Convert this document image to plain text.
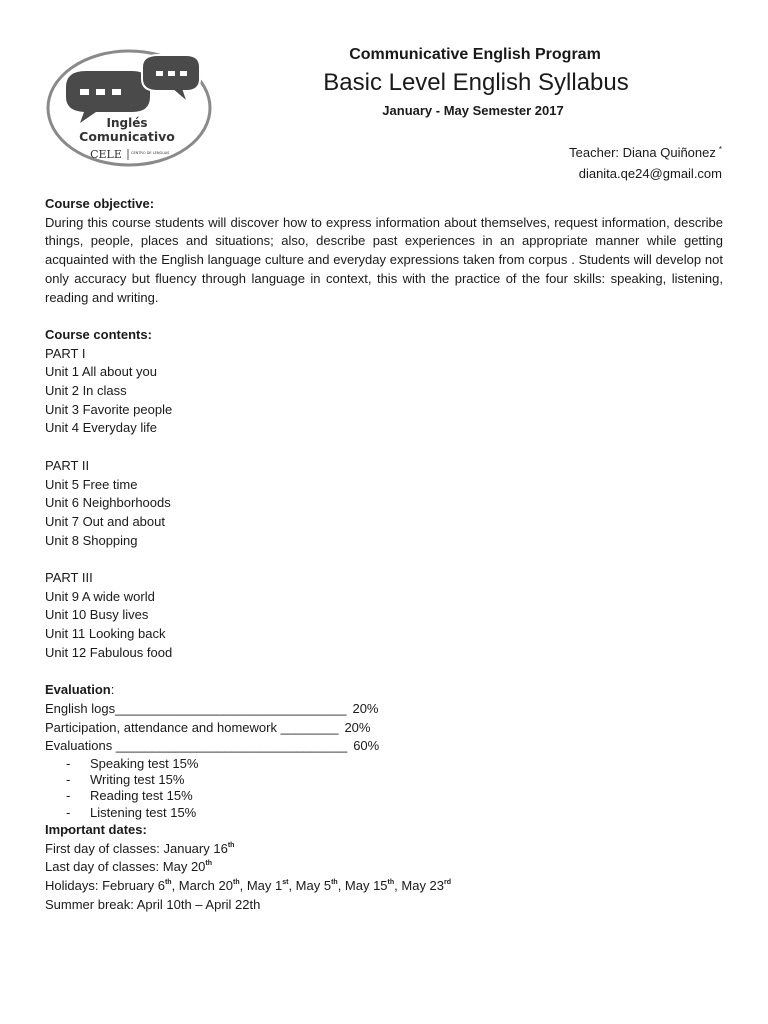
Inglés
Comunicativo
CELE	CENTRO DE LENGUAS
Communicative English Program
Basic Level English Syllabus
January - May Semester 2017
Teacher: Diana Quiñonez *
dianita.qe24@gmail.com
Course objective:

During this course students will discover how to express information about themselves, request information, describe things, people, places and situations; also, describe past experiences in an appropriate manner while getting acquainted with the English language culture and everyday expressions taken from corpus . Students will develop not only accuracy but fluency through language in context, this with the practice of the four skills: speaking, listening, reading and writing.

Course contents:
PART I
Unit 1 All about you
Unit 2 In class
Unit 3 Favorite people
Unit 4 Everyday life
PART II
Unit 5 Free time
Unit 6 Neighborhoods
Unit 7 Out and about
Unit 8 Shopping
PART III
Unit 9 A wide world
Unit 10 Busy lives
Unit 11 Looking back
Unit 12 Fabulous food
Evaluation:
English logs________________________________ 20%
Participation, attendance and homework ________ 20%
Evaluations ________________________________ 60%
- Speaking test 15%
- Writing test 15%
- Reading test 15%
- Listening test 15%
Important dates:
First day of classes: January 16th
Last day of classes: May 20th
Holidays: February 6th, March 20th, May 1st, May 5th, May 15th, May 23rd
Summer break: April 10th – April 22th
